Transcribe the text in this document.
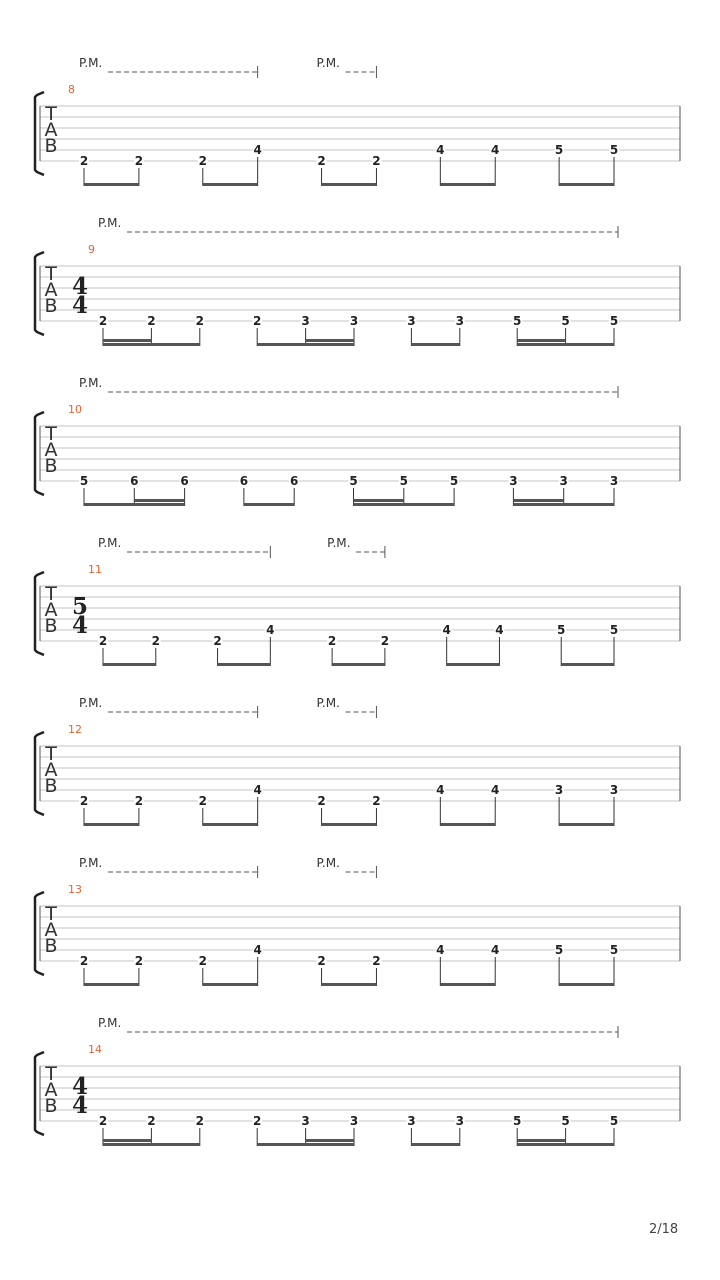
T
A
B
8
2	2	2
4
2	2
4	4	5	5
P.M.	P.M.
T
A
B
9
4
4
2	2	2	2	3	3	3	3	5	5	5
P.M.
T
A
B
10
5	6	6	6	6	5	5	5	3	3	3
P.M.
T
A
B
11
5
4
2	2	2
4
2	2
4	4	5	5
P.M.	P.M.
T
A
B
12
2	2	2
4
2	2
4	4	3	3
P.M.	P.M.
T
A
B
13
2	2	2
4
2	2
4	4	5	5
P.M.	P.M.
T
A
B
14
4
4
2	2	2	2	3	3	3	3	5	5	5
P.M.
2/18
